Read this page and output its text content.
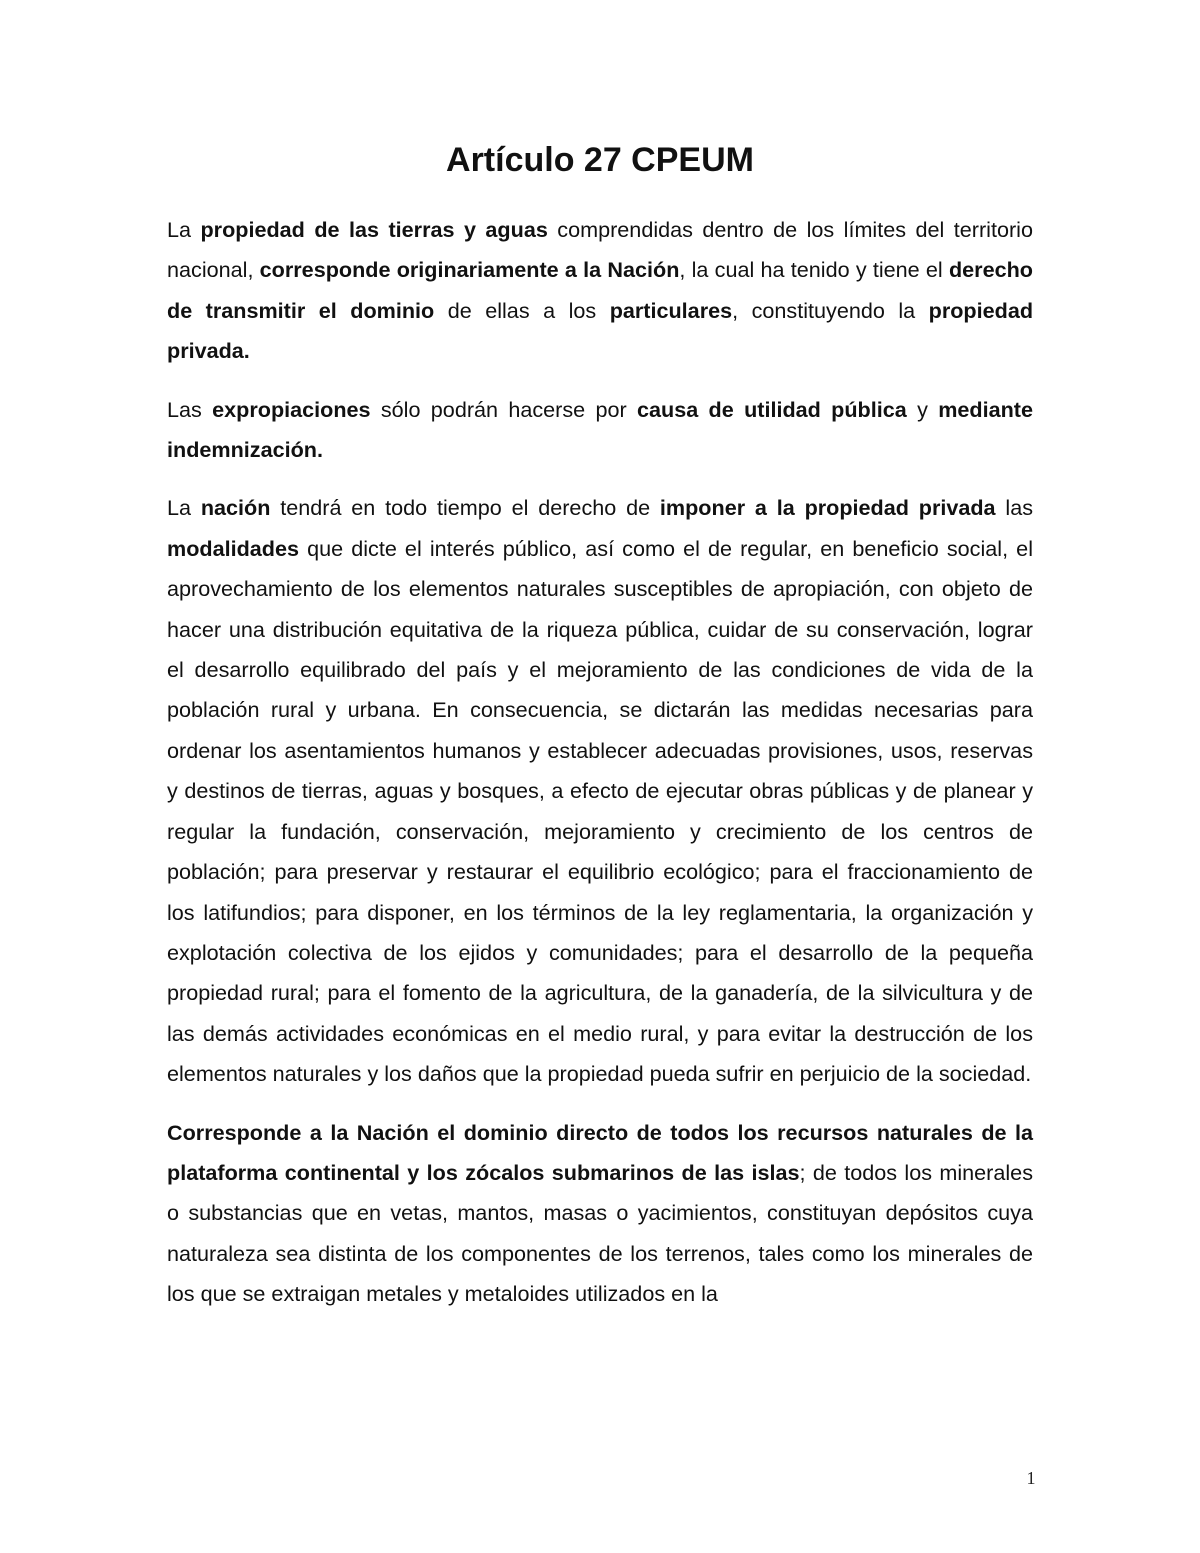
Artículo 27 CPEUM

La propiedad de las tierras y aguas comprendidas dentro de los límites del territorio nacional, corresponde originariamente a la Nación, la cual ha tenido y tiene el derecho de transmitir el dominio de ellas a los particulares, constituyendo la propiedad privada.

Las expropiaciones sólo podrán hacerse por causa de utilidad pública y mediante indemnización.

La nación tendrá en todo tiempo el derecho de imponer a la propiedad privada las modalidades que dicte el interés público, así como el de regular, en beneficio social, el aprovechamiento de los elementos naturales susceptibles de apropiación, con objeto de hacer una distribución equitativa de la riqueza pública, cuidar de su conservación, lograr el desarrollo equilibrado del país y el mejoramiento de las condiciones de vida de la población rural y urbana. En consecuencia, se dictarán las medidas necesarias para ordenar los asentamientos humanos y establecer adecuadas provisiones, usos, reservas y destinos de tierras, aguas y bosques, a efecto de ejecutar obras públicas y de planear y regular la fundación, conservación, mejoramiento y crecimiento de los centros de población; para preservar y restaurar el equilibrio ecológico; para el fraccionamiento de los latifundios; para disponer, en los términos de la ley reglamentaria, la organización y explotación colectiva de los ejidos y comunidades; para el desarrollo de la pequeña propiedad rural; para el fomento de la agricultura, de la ganadería, de la silvicultura y de las demás actividades económicas en el medio rural, y para evitar la destrucción de los elementos naturales y los daños que la propiedad pueda sufrir en perjuicio de la sociedad.

Corresponde a la Nación el dominio directo de todos los recursos naturales de la plataforma continental y los zócalos submarinos de las islas; de todos los minerales o substancias que en vetas, mantos, masas o yacimientos, constituyan depósitos cuya naturaleza sea distinta de los componentes de los terrenos, tales como los minerales de los que se extraigan metales y metaloides utilizados en la

1
